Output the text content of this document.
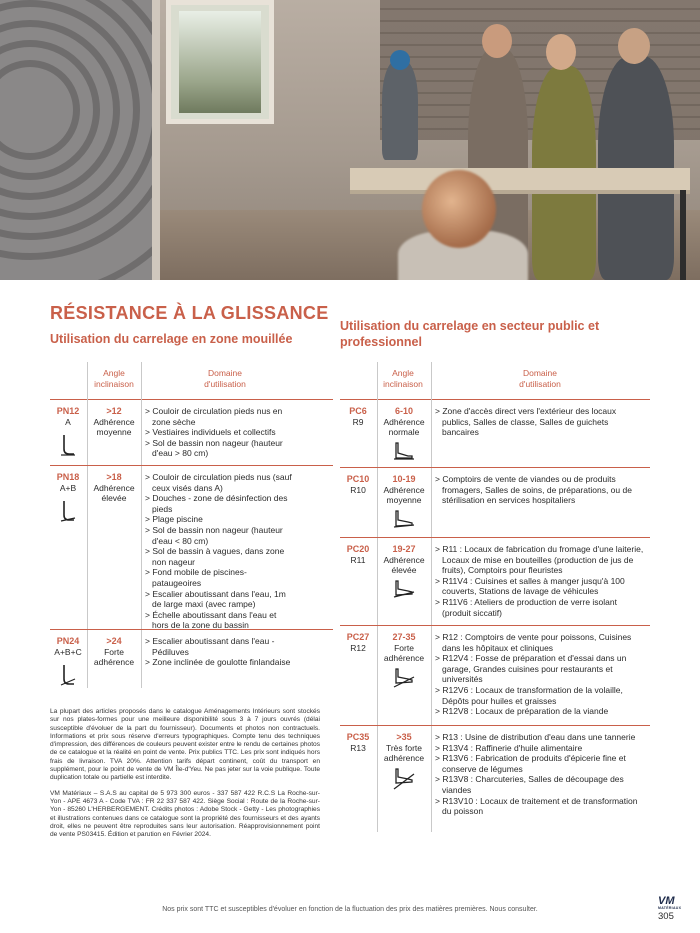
RÉSISTANCE À LA GLISSANCE
Utilisation du carrelage en zone mouillée
Utilisation du carrelage en secteur public et professionnel
Angle inclinaison
Domaine d'utilisation
PN12
A
>12
Adhérence moyenne
> Couloir de circulation pieds nus en zone sèche
> Vestiaires individuels et collectifs
> Sol de bassin non nageur (hauteur d'eau > 80 cm)
PN18
A+B
>18
Adhérence élevée
> Couloir de circulation pieds nus (sauf ceux visés dans A)
> Douches - zone de désinfection des pieds
> Plage piscine
> Sol de bassin non nageur (hauteur d'eau < 80 cm)
> Sol de bassin à vagues, dans zone non nageur
> Fond mobile de piscines-pataugeoires
> Escalier aboutissant dans l'eau, 1m de large maxi (avec rampe)
> Échelle aboutissant dans l'eau et hors de la zone du bassin
PN24
A+B+C
>24
Forte adhérence
> Escalier aboutissant dans l'eau - Pédiluves
> Zone inclinée de goulotte finlandaise
Angle inclinaison
Domaine d'utilisation
PC6
R9
6-10
Adhérence normale
> Zone d'accès direct vers l'extérieur des locaux publics, Salles de classe, Salles de guichets bancaires
PC10
R10
10-19
Adhérence moyenne
> Comptoirs de vente de viandes ou de produits fromagers, Salles de soins, de préparations, ou de stérilisation en services hospitaliers
PC20
R11
19-27
Adhérence élevée
> R11 : Locaux de fabrication du fromage d'une laiterie, Locaux de mise en bouteilles (production de jus de fruits), Comptoirs pour fleuristes
> R11V4 : Cuisines et salles à manger jusqu'à 100 couverts, Stations de lavage de véhicules
> R11V6 : Ateliers de production de verre isolant (produit siccatif)
PC27
R12
27-35
Forte adhérence
> R12 : Comptoirs de vente pour poissons, Cuisines dans les hôpitaux et cliniques
> R12V4 : Fosse de préparation et d'essai dans un garage, Grandes cuisines pour restaurants et universités
> R12V6 : Locaux de transformation de la volaille, Dépôts pour huiles et graisses
> R12V8 : Locaux de préparation de la viande
PC35
R13
>35
Très forte adhérence
> R13 : Usine de distribution d'eau dans une tannerie
> R13V4 : Raffinerie d'huile alimentaire
> R13V6 : Fabrication de produits d'épicerie fine et conserve de légumes
> R13V8 : Charcuteries, Salles de découpage des viandes
> R13V10 : Locaux de traitement et de transformation du poisson

La plupart des articles proposés dans le catalogue Aménagements Intérieurs sont stockés sur nos plates-formes pour une meilleure disponibilité sous 3 à 7 jours ouvrés (délai susceptible d'évoluer de la part du fournisseur). Documents et photos non contractuels. Informations et prix sous réserve d'erreurs typographiques. Compte tenu des techniques d'impression, des différences de couleurs peuvent exister entre le rendu de certaines photos de ce catalogue et la réalité en point de vente. Prix publics TTC. Les prix sont indiqués hors frais de livraison. TVA 20%. Attention tarifs départ continent, coût du transport en supplément, pour le point de vente de VM Île-d'Yeu. Ne pas jeter sur la voie publique. Toute duplication totale ou partielle est interdite.

VM Matériaux – S.A.S au capital de 5 973 300 euros - 337 587 422 R.C.S La Roche-sur-Yon - APE 4673 A - Code TVA : FR 22 337 587 422. Siège Social : Route de la Roche-sur-Yon - 85260 L'HERBERGEMENT. Crédits photos : Adobe Stock - Getty - Les photographies et illustrations contenues dans ce catalogue sont la propriété des fournisseurs et des ayants droit, elles ne peuvent être reproduites sans leur autorisation. Réapprovisionnement point de vente PS03415. Édition et parution en Février 2024.

Nos prix sont TTC et susceptibles d'évoluer en fonction de la fluctuation des prix des matières premières. Nous consulter.
VM
MATÉRIAUX
305
